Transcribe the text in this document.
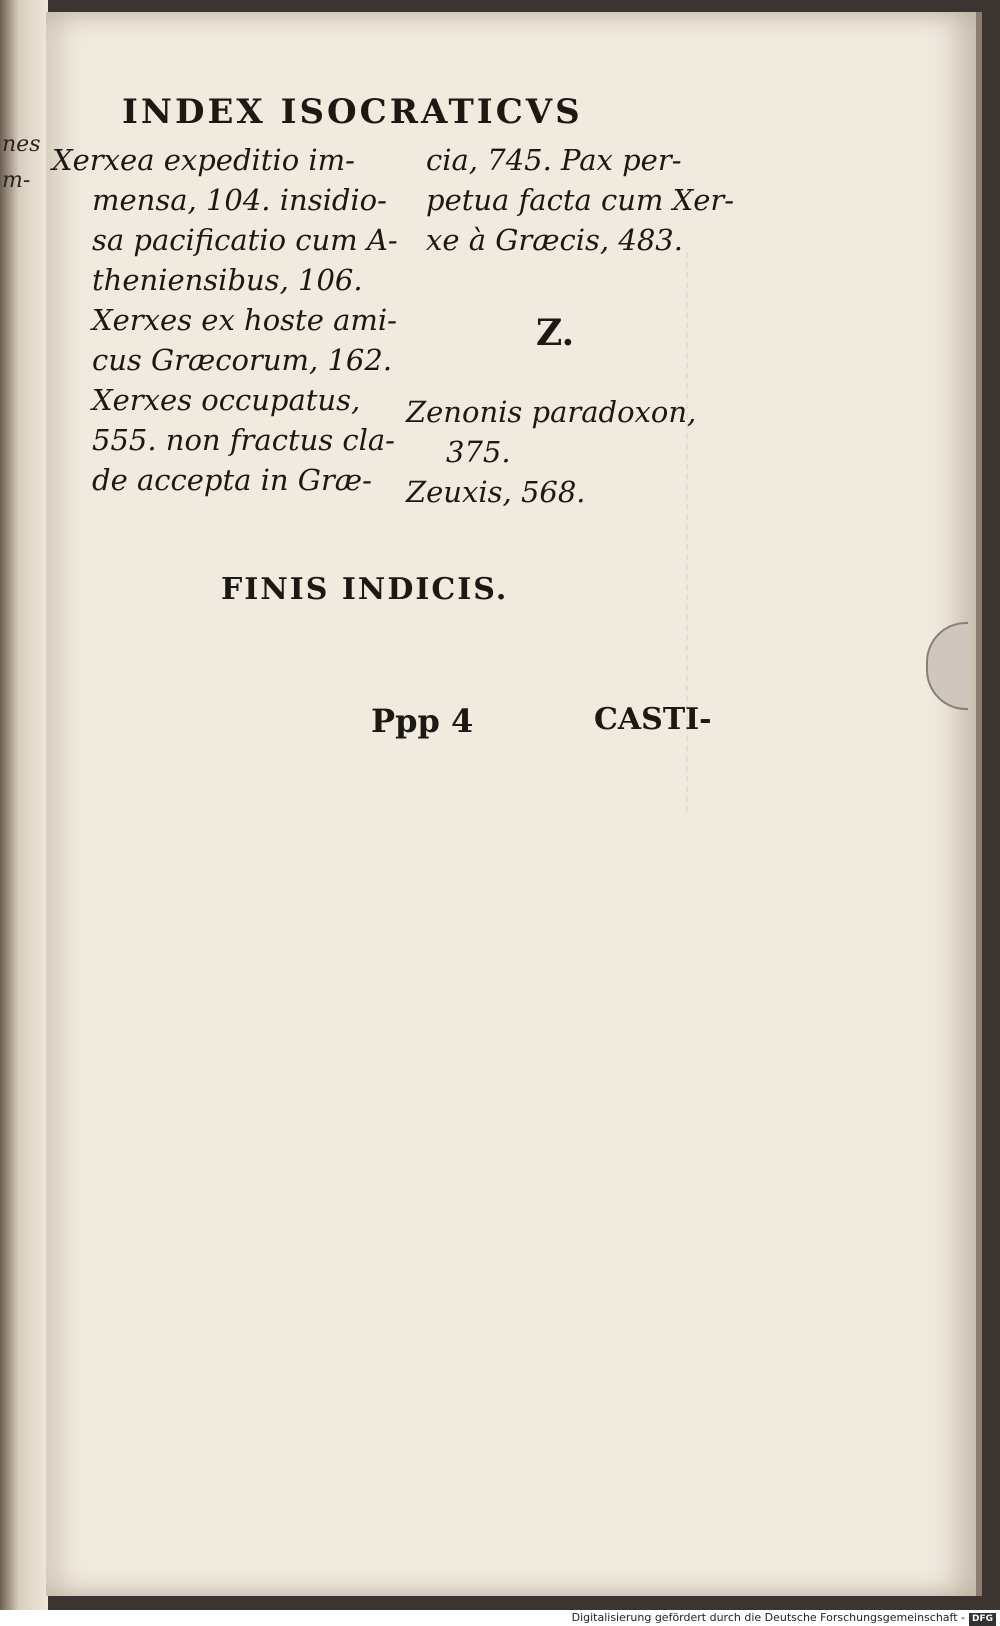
nes
m-
INDEX ISOCRATICVS
Xerxea expeditio im-
mensa, 104. insidio-
sa pacificatio cum A-
theniensibus, 106.
Xerxes ex hoste ami-
cus Græcorum, 162.
Xerxes occupatus,
555. non fractus cla-
de accepta in Græ-
cia, 745. Pax per-
petua facta cum Xer-
xe à Græcis, 483.
Z.
Zenonis paradoxon,
375.
Zeuxis, 568.
FINIS INDICIS.
Ppp 4	CASTI-
Digitalisierung gefördert durch die Deutsche Forschungsgemeinschaft - DFG
